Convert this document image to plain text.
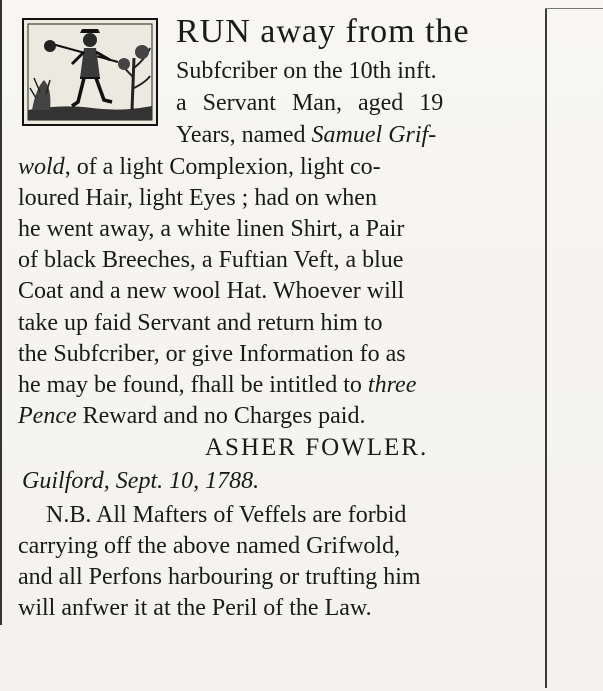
RUN away from the
Subfcriber on the 10th inft.
a Servant Man, aged 19
Years, named Samuel Grif-
wold, of a light Complexion, light co-
loured Hair, light Eyes ; had on when
he went away, a white linen Shirt, a Pair
of black Breeches, a Fuftian Veft, a blue
Coat and a new wool Hat. Whoever will
take up faid Servant and return him to
the Subfcriber, or give Information fo as
he may be found, fhall be intitled to three
Pence Reward and no Charges paid.
ASHER FOWLER.
Guilford, Sept. 10, 1788.
N.B. All Mafters of Veffels are forbid
carrying off the above named Grifwold,
and all Perfons harbouring or trufting him
will anfwer it at the Peril of the Law.
